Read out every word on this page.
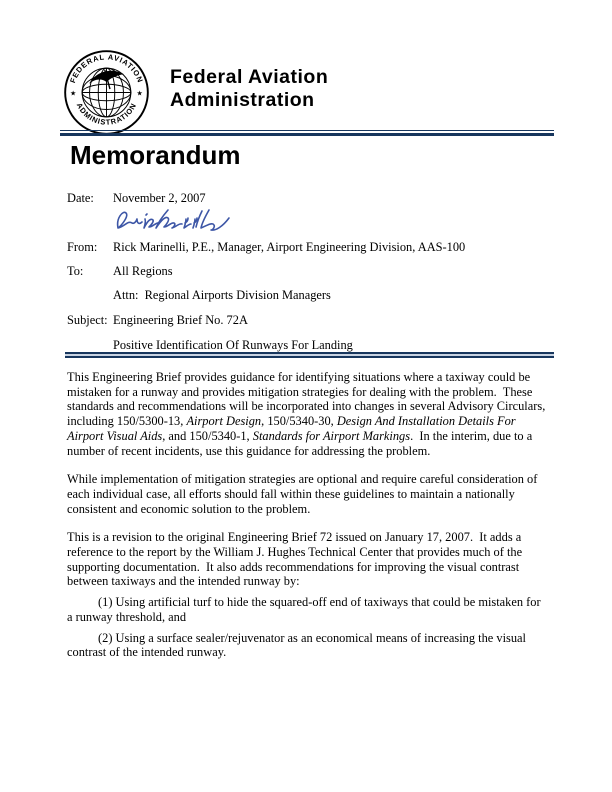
FEDERAL AVIATION
ADMINISTRATION
★	★
Federal Aviation
Administration
Memorandum
Date:	November 2, 2007
From:	Rick Marinelli, P.E., Manager, Airport Engineering Division, AAS-100
To:	All Regions
Attn:  Regional Airports Division Managers
Subject: Engineering Brief No. 72A
Positive Identification Of Runways For Landing

This Engineering Brief provides guidance for identifying situations where a taxiway could be mistaken for a runway and provides mitigation strategies for dealing with the problem.  These standards and recommendations will be incorporated into changes in several Advisory Circulars, including 150/5300-13, Airport Design, 150/5340-30, Design And Installation Details For Airport Visual Aids, and 150/5340-1, Standards for Airport Markings.  In the interim, due to a number of recent incidents, use this guidance for addressing the problem.

While implementation of mitigation strategies are optional and require careful consideration of each individual case, all efforts should fall within these guidelines to maintain a nationally consistent and economic solution to the problem.

This is a revision to the original Engineering Brief 72 issued on January 17, 2007.  It adds a reference to the report by the William J. Hughes Technical Center that provides much of the supporting documentation.  It also adds recommendations for improving the visual contrast between taxiways and the intended runway by:

(1) Using artificial turf to hide the squared-off end of taxiways that could be mistaken for a runway threshold, and

(2) Using a surface sealer/rejuvenator as an economical means of increasing the visual contrast of the intended runway.
